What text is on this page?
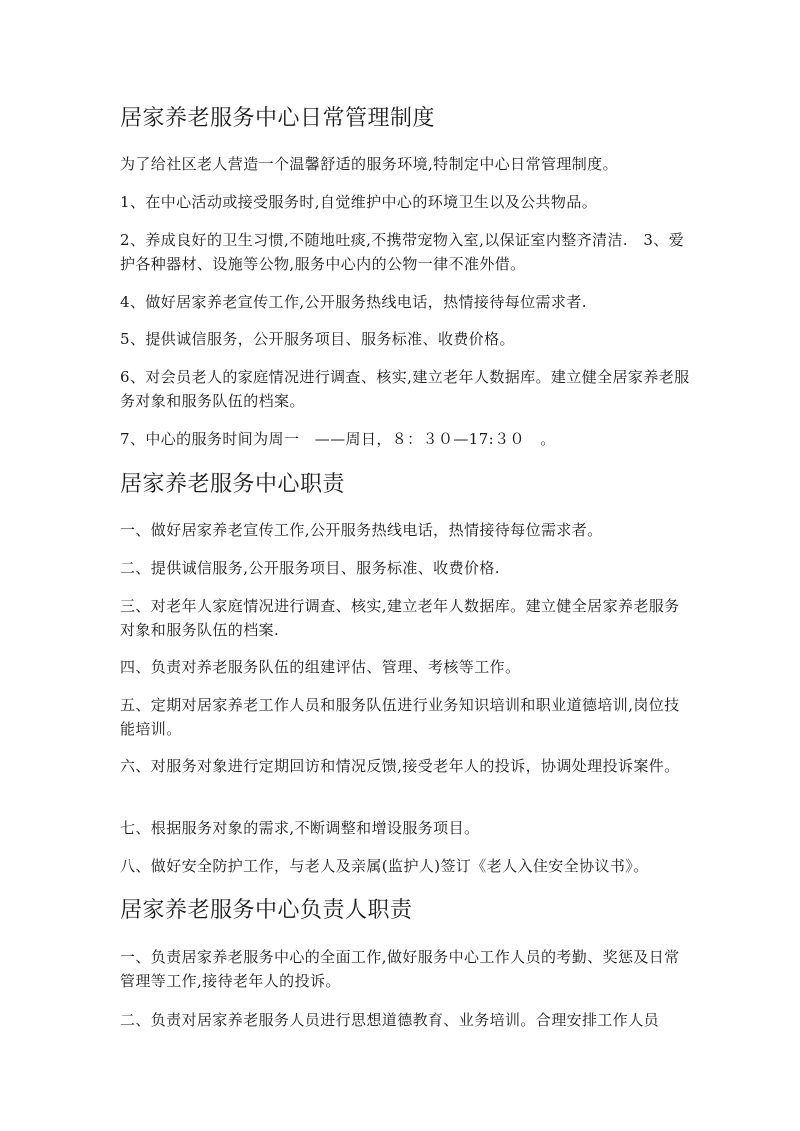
居家养老服务中心日常管理制度

为了给社区老人营造一个温馨舒适的服务环境,特制定中心日常管理制度。

1、在中心活动或接受服务时,自觉维护中心的环境卫生以及公共物品。

2、养成良好的卫生习惯,不随地吐痰,不携带宠物入室,以保证室内整齐清洁.　3、爱护各种器材、设施等公物,服务中心内的公物一律不准外借。

4、做好居家养老宣传工作,公开服务热线电话，热情接待每位需求者.

5、提供诚信服务，公开服务项目、服务标准、收费价格。

6、对会员老人的家庭情况进行调查、核实,建立老年人数据库。建立健全居家养老服务对象和服务队伍的档案。

7、中心的服务时间为周一　——周日，８：３０—17:３０　。

居家养老服务中心职责

一、做好居家养老宣传工作,公开服务热线电话，热情接待每位需求者。

二、提供诚信服务,公开服务项目、服务标准、收费价格.

三、对老年人家庭情况进行调查、核实,建立老年人数据库。建立健全居家养老服务对象和服务队伍的档案.

四、负责对养老服务队伍的组建评估、管理、考核等工作。

五、定期对居家养老工作人员和服务队伍进行业务知识培训和职业道德培训,岗位技能培训。

六、对服务对象进行定期回访和情况反馈,接受老年人的投诉，协调处理投诉案件。

七、根据服务对象的需求,不断调整和增设服务项目。

八、做好安全防护工作，与老人及亲属(监护人)签订《老人入住安全协议书》。

居家养老服务中心负责人职责

一、负责居家养老服务中心的全面工作,做好服务中心工作人员的考勤、奖惩及日常管理等工作,接待老年人的投诉。

二、负责对居家养老服务人员进行思想道德教育、业务培训。合理安排工作人员
